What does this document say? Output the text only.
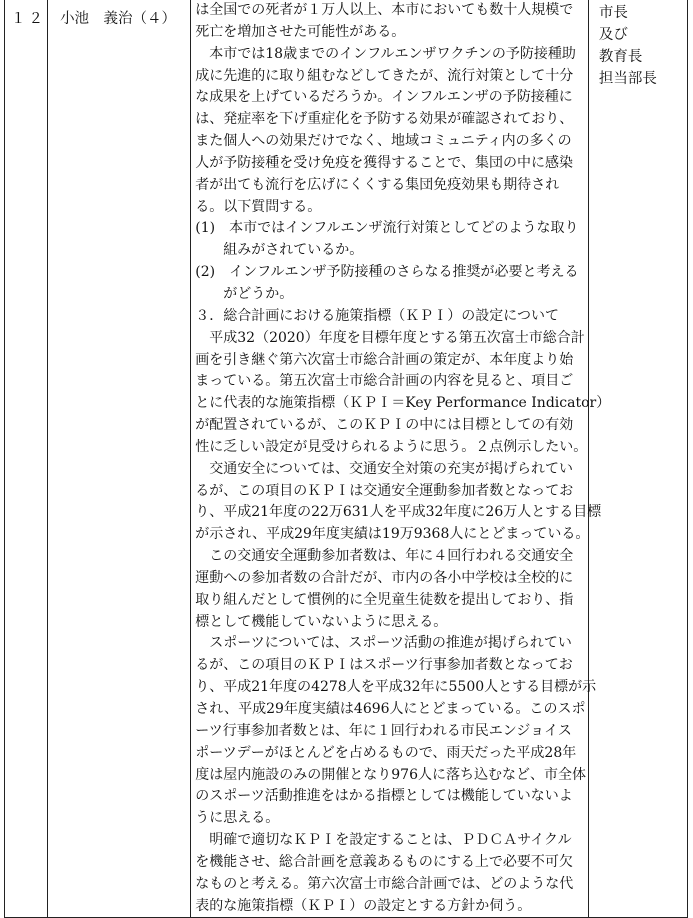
１２	小池　義治（４）

は全国での死者が１万人以上、本市においても数十人規模で
死亡を増加させた可能性がある。
本市では18歳までのインフルエンザワクチンの予防接種助
成に先進的に取り組むなどしてきたが、流行対策として十分
な成果を上げているだろうか。インフルエンザの予防接種に
は、発症率を下げ重症化を予防する効果が確認されており、
また個人への効果だけでなく、地域コミュニティ内の多くの
人が予防接種を受け免疫を獲得することで、集団の中に感染
者が出ても流行を広げにくくする集団免疫効果も期待され
る。以下質問する。
(1)　本市ではインフルエンザ流行対策としてどのような取り
組みがされているか。
(2)　インフルエンザ予防接種のさらなる推奨が必要と考える
がどうか。
３．総合計画における施策指標（ＫＰＩ）の設定について
平成32（2020）年度を目標年度とする第五次富士市総合計
画を引き継ぐ第六次富士市総合計画の策定が、本年度より始
まっている。第五次富士市総合計画の内容を見ると、項目ご
とに代表的な施策指標（ＫＰＩ＝Key Performance Indicator）
が配置されているが、このＫＰＩの中には目標としての有効
性に乏しい設定が見受けられるように思う。２点例示したい。
交通安全については、交通安全対策の充実が掲げられてい
るが、この項目のＫＰＩは交通安全運動参加者数となってお
り、平成21年度の22万631人を平成32年度に26万人とする目標
が示され、平成29年度実績は19万9368人にとどまっている。
この交通安全運動参加者数は、年に４回行われる交通安全
運動への参加者数の合計だが、市内の各小中学校は全校的に
取り組んだとして慣例的に全児童生徒数を提出しており、指
標として機能していないように思える。
スポーツについては、スポーツ活動の推進が掲げられてい
るが、この項目のＫＰＩはスポーツ行事参加者数となってお
り、平成21年度の4278人を平成32年に5500人とする目標が示
され、平成29年度実績は4696人にとどまっている。このスポ
ーツ行事参加者数とは、年に１回行われる市民エンジョイス
ポーツデーがほとんどを占めるもので、雨天だった平成28年
度は屋内施設のみの開催となり976人に落ち込むなど、市全体
のスポーツ活動推進をはかる指標としては機能していないよ
うに思える。
明確で適切なＫＰＩを設定することは、ＰＤＣＡサイクル
を機能させ、総合計画を意義あるものにする上で必要不可欠
なものと考える。第六次富士市総合計画では、どのような代
表的な施策指標（ＫＰＩ）の設定とする方針か伺う。

市長
及び
教育長
担当部長
